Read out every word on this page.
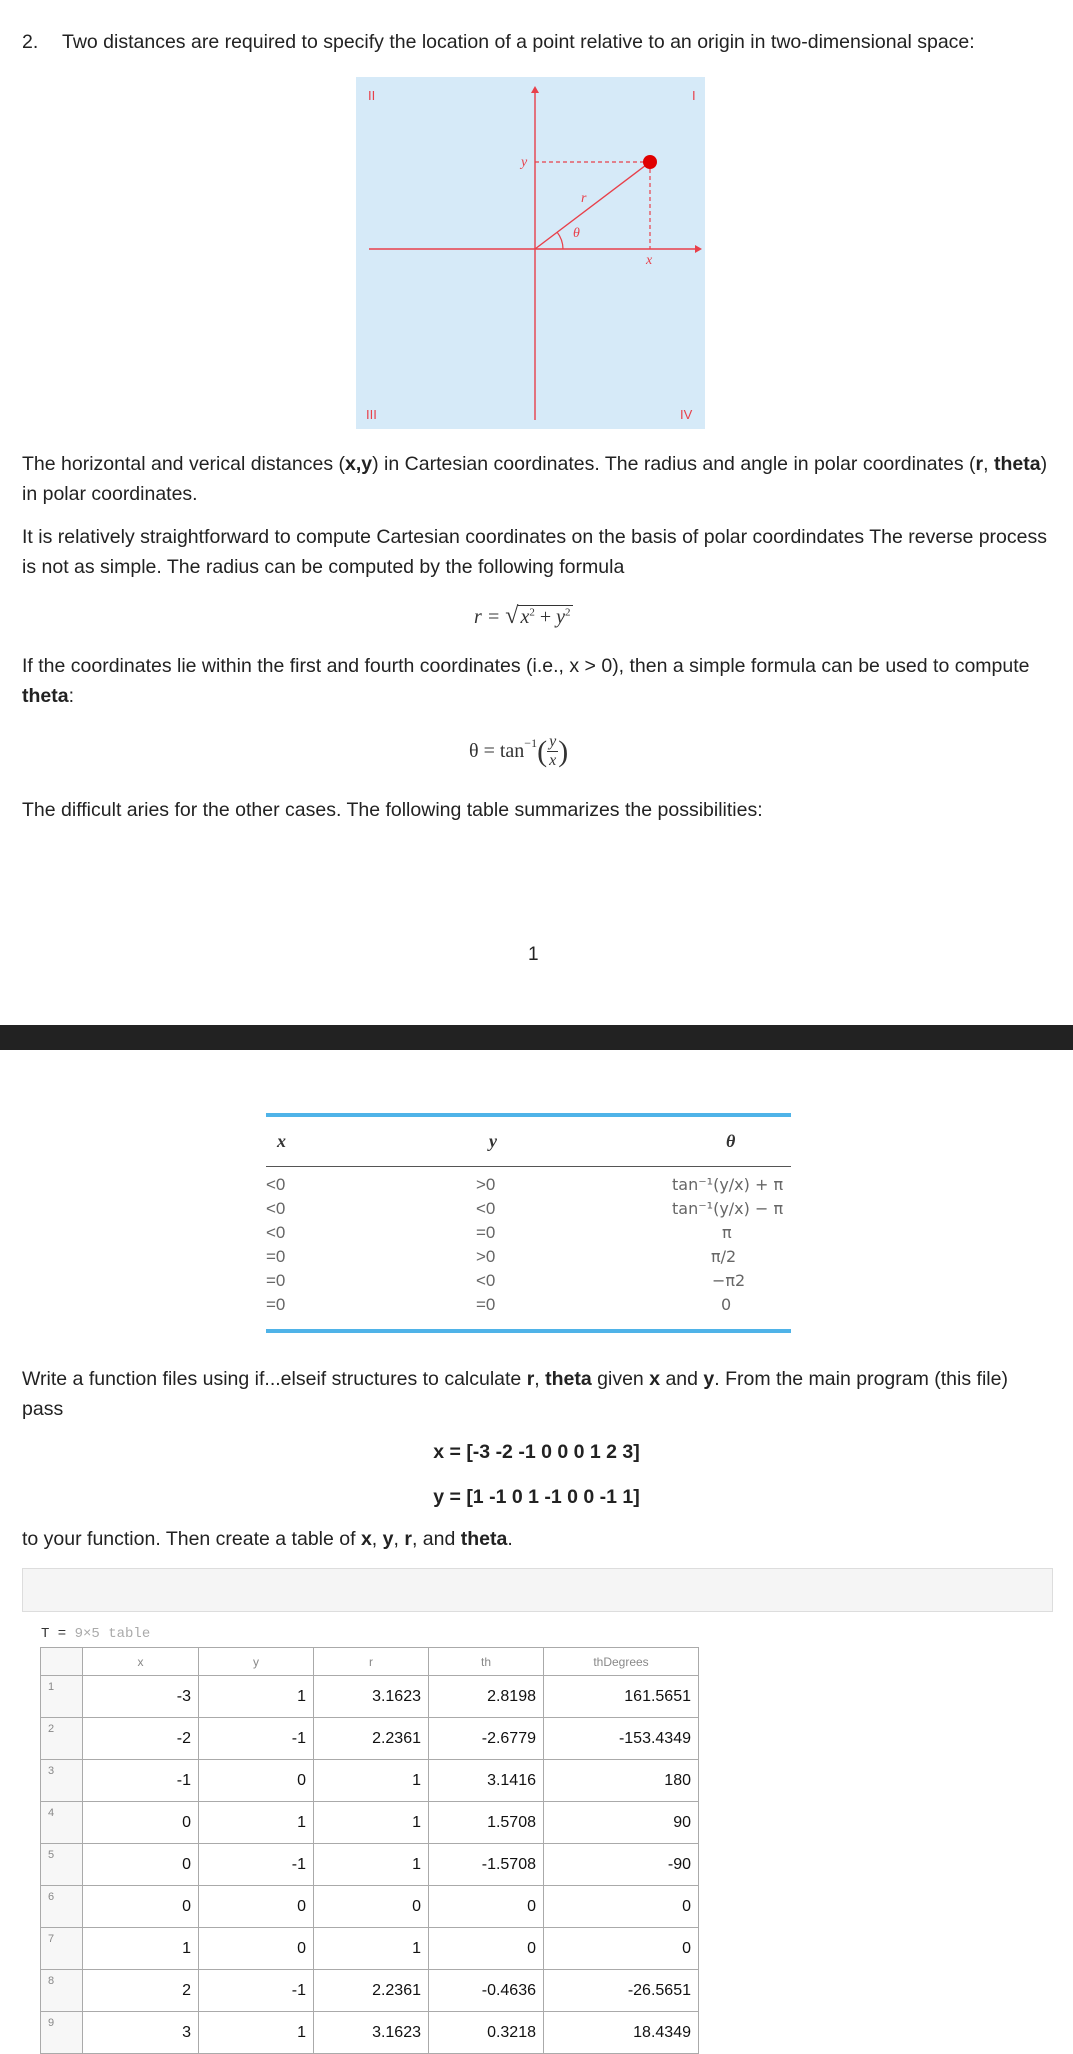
2. Two distances are required to specify the location of a point relative to an origin in two-dimensional space:
II	I
III	IV
y
x
r
θ
The horizontal and verical distances (x,y) in Cartesian coordinates. The radius and angle in polar coordinates (r, theta) in polar coordinates.
It is relatively straightforward to compute Cartesian coordinates on the basis of polar coordindates The reverse process is not as simple. The radius can be computed by the following formula
r = √ $x^2 + y^2$
If the coordinates lie within the first and fourth coordinates (i.e., x > 0), then a simple formula can be used to compute theta:
$\theta = \tan^{-1}$ ( $\frac{y}{x}$ )
The difficult aries for the other cases. The following table summarizes the possibilities:
1
x	y	θ
<0	>0	tan⁻¹(y/x) + π
<0	<0	tan⁻¹(y/x) − π
<0	=0	π
=0	>0	π/2
=0	<0	−π2
=0	=0	0
Write a function files using if...elseif structures to calculate r, theta given x and y. From the main program (this file) pass
x = [-3 -2 -1 0 0 0 1 2 3]
y = [1 -1 0 1 -1 0 0 -1 1]
to your function. Then create a table of x, y, r, and theta.
T = 9×5 table
	x	y	r	th	thDegrees
1	-3	1	3.1623	2.8198	161.5651
2	-2	-1	2.2361	-2.6779	-153.4349
3	-1	0	1	3.1416	180
4	0	1	1	1.5708	90
5	0	-1	1	-1.5708	-90
6	0	0	0	0	0
7	1	0	1	0	0
8	2	-1	2.2361	-0.4636	-26.5651
9	3	1	3.1623	0.3218	18.4349
